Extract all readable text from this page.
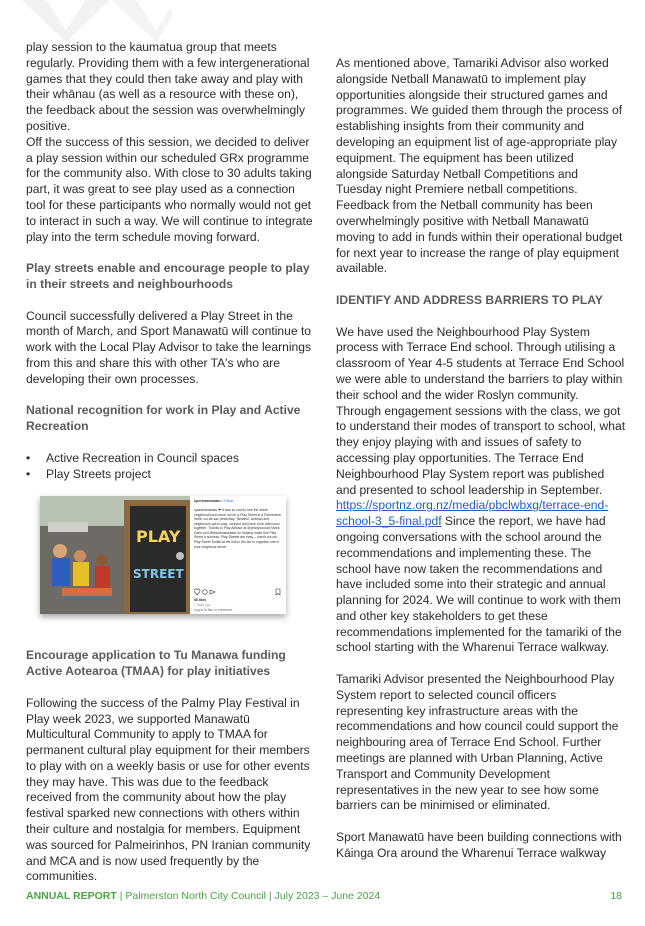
play session to the kaumatua group that meets regularly. Providing them with a few intergenerational games that they could then take away and play with their whānau (as well as a resource with these on), the feedback about the session was overwhelmingly positive.

Off the success of this session, we decided to deliver a play session within our scheduled GRx programme for the community also. With close to 30 adults taking part, it was great to see play used as a connection tool for these participants who normally would not get to interact in such a way. We will continue to integrate play into the term schedule moving forward.

Play streets enable and encourage people to play in their streets and neighbourhoods

Council successfully delivered a Play Street in the month of March, and Sport Manawatū will continue to work with the Local Play Advisor to take the learnings from this and share this with other TA's who are developing their own processes.

National recognition for work in Play and Active Recreation

• Active Recreation in Council spaces
• Play Streets project
PLAY
STREET
sportmanawatu • Follow
sportmanawatu ❤ It was so cool to see the whole neighbourhood come out for a Play Street in a Palmerston North cul-de-sac yesterday. Tamariki, whānau and neighbours got to play, connect and have a fun afternoon together. Thanks to Play Advisor at @pncitycouncil Moira Dane and @teammanawatu for helping make this Play Street a success. Play Streets are easy – check out our Play Street Toolkit at the link in the bio to organise one in your neighbour street.
68 likes
7 days ago
Log in to like or comment.

Encourage application to Tu Manawa funding Active Aotearoa (TMAA) for play initiatives

Following the success of the Palmy Play Festival in Play week 2023, we supported Manawatū Multicultural Community to apply to TMAA for permanent cultural play equipment for their members to play with on a weekly basis or use for other events they may have. This was due to the feedback received from the community about how the play festival sparked new connections with others within their culture and nostalgia for members. Equipment was sourced for Palmeirinhos, PN Iranian community and MCA and is now used frequently by the communities.

As mentioned above, Tamariki Advisor also worked alongside Netball Manawatū to implement play opportunities alongside their structured games and programmes. We guided them through the process of establishing insights from their community and developing an equipment list of age-appropriate play equipment. The equipment has been utilized alongside Saturday Netball Competitions and Tuesday night Premiere netball competitions. Feedback from the Netball community has been overwhelmingly positive with Netball Manawatū moving to add in funds within their operational budget for next year to increase the range of play equipment available.

IDENTIFY AND ADDRESS BARRIERS TO PLAY

We have used the Neighbourhood Play System process with Terrace End school. Through utilising a classroom of Year 4-5 students at Terrace End School we were able to understand the barriers to play within their school and the wider Roslyn community. Through engagement sessions with the class, we got to understand their modes of transport to school, what they enjoy playing with and issues of safety to accessing play opportunities. The Terrace End Neighbourhood Play System report was published and presented to school leadership in September. https://sportnz.org.nz/media/pbclwbxg/terrace-end-school-3_5-final.pdf Since the report, we have had ongoing conversations with the school around the recommendations and implementing these. The school have now taken the recommendations and have included some into their strategic and annual planning for 2024. We will continue to work with them and other key stakeholders to get these recommendations implemented for the tamariki of the school starting with the Wharenui Terrace walkway.

Tamariki Advisor presented the Neighbourhood Play System report to selected council officers representing key infrastructure areas with the recommendations and how council could support the neighbouring area of Terrace End School. Further meetings are planned with Urban Planning, Active Transport and Community Development representatives in the new year to see how some barriers can be minimised or eliminated.

Sport Manawatū have been building connections with Kāinga Ora around the Wharenui Terrace walkway

ANNUAL REPORT | Palmerston North City Council | July 2023 – June 2024	18
